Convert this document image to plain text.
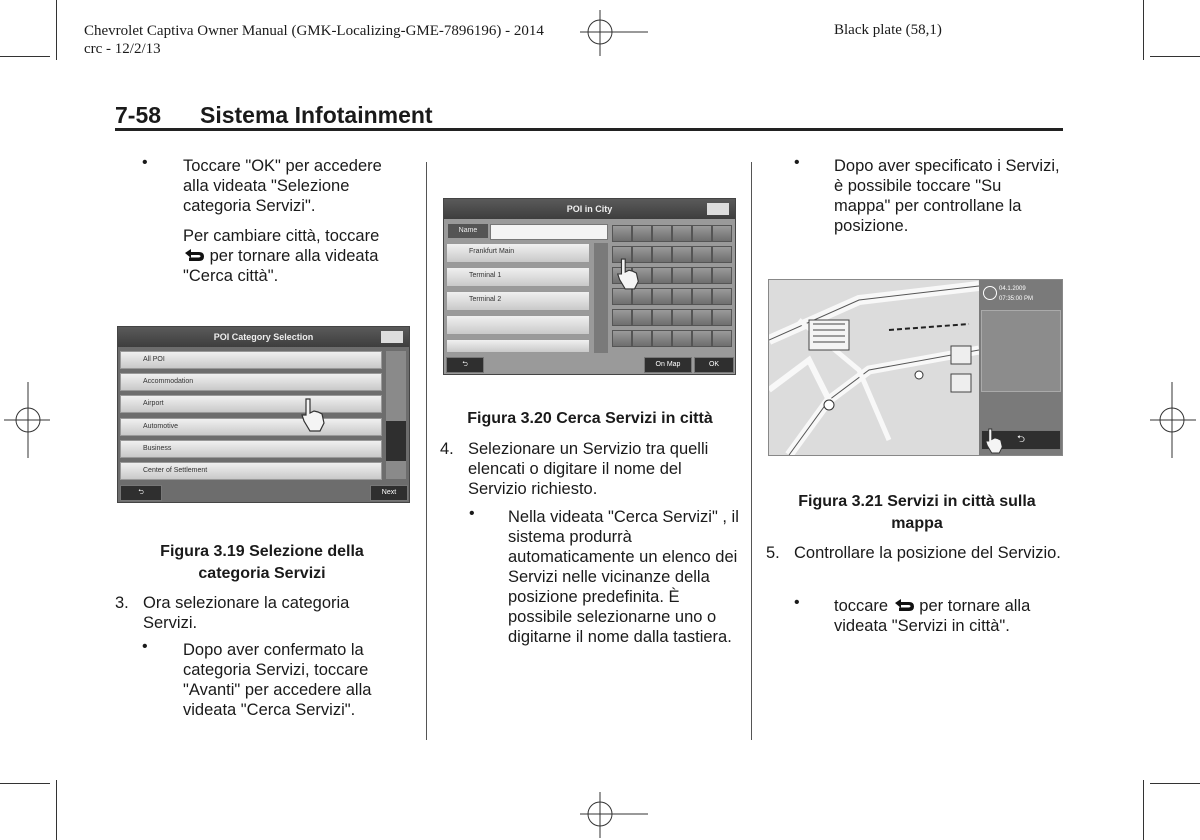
Chevrolet Captiva Owner Manual (GMK-Localizing-GME-7896196) - 2014
crc - 12/2/13
Black plate (58,1)
7-58 Sistema Infotainment
• Toccare "OK" per accedere alla videata "Selezione categoria Servizi".
Per cambiare città, toccare
per tornare alla videata "Cerca città".
POI Category Selection
All POI
Accommodation
Airport
Automotive
Business
Center of Settlement
⮌	Next
Figura 3.19 Selezione della categoria Servizi
3. Ora selezionare la categoria Servizi.
• Dopo aver confermato la categoria Servizi, toccare "Avanti" per accedere alla videata "Cerca Servizi".
POI in City
Name
Frankfurt Main
Terminal 1
Terminal 2
⮌	On Map	OK
Figura 3.20 Cerca Servizi in città
4. Selezionare un Servizio tra quelli elencati o digitare il nome del Servizio richiesto.
• Nella videata "Cerca Servizi" , il sistema produrrà automaticamente un elenco dei Servizi nelle vicinanze della posizione predefinita. È possibile selezionarne uno o digitarne il nome dalla tastiera.
• Dopo aver specificato i Servizi, è possibile toccare "Su mappa" per controllane la posizione.
04.1.2009
07:35:00 PM
⮌
Figura 3.21 Servizi in città sulla mappa
5. Controllare la posizione del Servizio.
• toccare per tornare alla videata "Servizi in città".
